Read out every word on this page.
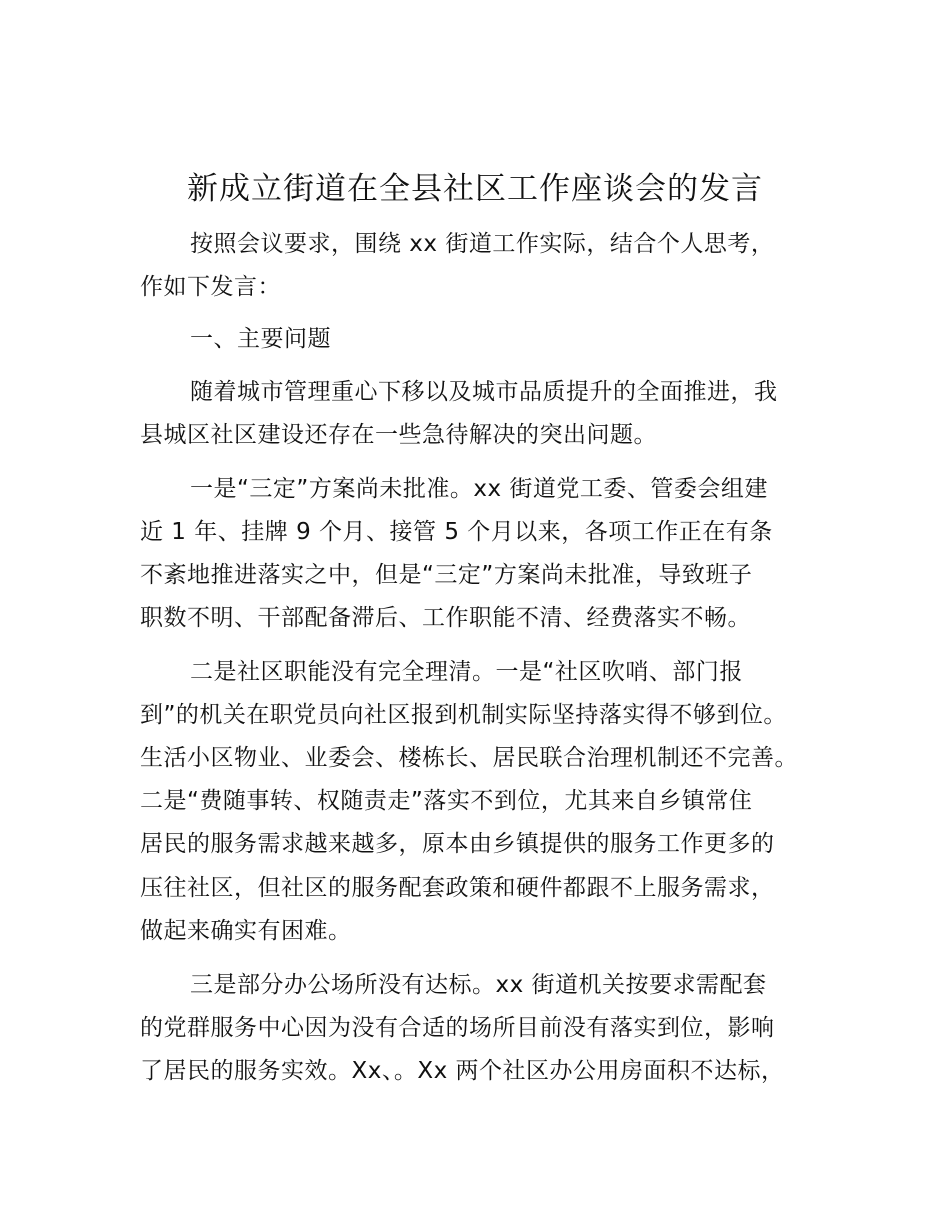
新成立街道在全县社区工作座谈会的发言
按照会议要求，围绕 xx 街道工作实际，结合个人思考，
作如下发言：
一、主要问题
随着城市管理重心下移以及城市品质提升的全面推进，我
县城区社区建设还存在一些急待解决的突出问题。
一是“三定”方案尚未批准。xx 街道党工委、管委会组建
近 1 年、挂牌 9 个月、接管 5 个月以来，各项工作正在有条
不紊地推进落实之中，但是“三定”方案尚未批准，导致班子
职数不明、干部配备滞后、工作职能不清、经费落实不畅。
二是社区职能没有完全理清。一是“社区吹哨、部门报
到”的机关在职党员向社区报到机制实际坚持落实得不够到位。
生活小区物业、业委会、楼栋长、居民联合治理机制还不完善。
二是“费随事转、权随责走”落实不到位，尤其来自乡镇常住
居民的服务需求越来越多，原本由乡镇提供的服务工作更多的
压往社区，但社区的服务配套政策和硬件都跟不上服务需求，
做起来确实有困难。
三是部分办公场所没有达标。xx 街道机关按要求需配套
的党群服务中心因为没有合适的场所目前没有落实到位，影响
了居民的服务实效。Xx、。Xx 两个社区办公用房面积不达标，
